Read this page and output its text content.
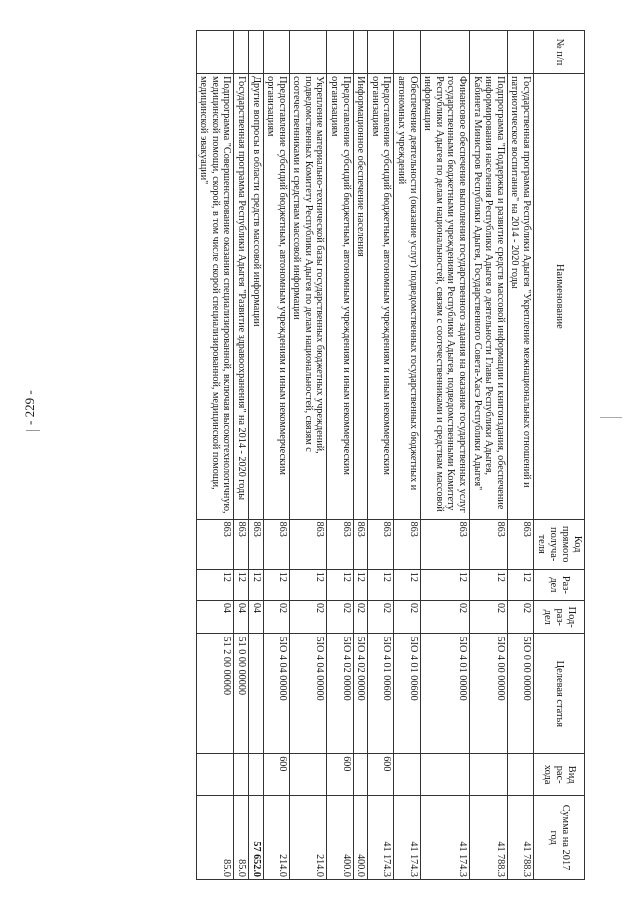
- 229 -
№ п/п	Наименование	Код прямого получа-теля	Раз-дел	Под-раз-дел	Целевая статья	Вид рас-хода	Сумма на 2017 год
	Государственная программа Республики Адыгея "Укрепление межнациональных отношений и патриотическое воспитание" на 2014 - 2020 годы	863	12	02	5IO 0 00 00000		41 788.3
	Подпрограмма "Поддержка и развитие средств массовой информации и книгоиздания, обеспечение информирования населения Республики Адыгея о деятельности Главы Республики Адыгея, Кабинета Министров Республики Адыгея, Государственного Совета-Хасэ Республики Адыгея"	863	12	02	5IO 4 00 00000		41 788.3
	Финансовое обеспечение выполнения государственного задания на оказание государственных услуг государственными бюджетными учреждениями Республики Адыгея, подведомственными Комитету Республики Адыгея по делам национальностей, связям с соотечественниками и средствам массовой информации	863	12	02	5IO 4 01 00000		41 174.3
	Обеспечение деятельности (оказание услуг) подведомственных государственных бюджетных и автономных учреждений	863	12	02	5IO 4 01 00600		41 174.3
	Предоставление субсидий бюджетным, автономным учреждениям и иным некоммерческим организациям	863	12	02	5IO 4 01 00600	600	41 174.3
	Информационное обеспечение населения	863	12	02	5IO 4 02 00000		400.0
	Предоставление субсидий бюджетным, автономным учреждениям и иным некоммерческим организациям	863	12	02	5IO 4 02 00000	600	400.0
	Укрепление материально-технической базы государственных бюджетных учреждений, подведомственных Комитету Республики Адыгея по делам национальностей, связям с соотечественниками и средствам массовой информации	863	12	02	5IO 4 04 00000		214.0
	Предоставление субсидий бюджетным, автономным учреждениям и иным некоммерческим организациям	863	12	02	5IO 4 04 00000	600	214.0
	Другие вопросы в области средств массовой информации	863	12	04			57 652.0
	Государственная программа Республики Адыгея "Развитие здравоохранения" на 2014 - 2020 годы	863	12	04	51 0 00 00000		85.0
	Подпрограмма "Совершенствование оказания специализированной, включая высокотехнологичную, медицинской помощи, скорой, в том числе скорой специализированной, медицинской помощи, медицинской эвакуации"	863	12	04	51 2 00 00000		85.0
